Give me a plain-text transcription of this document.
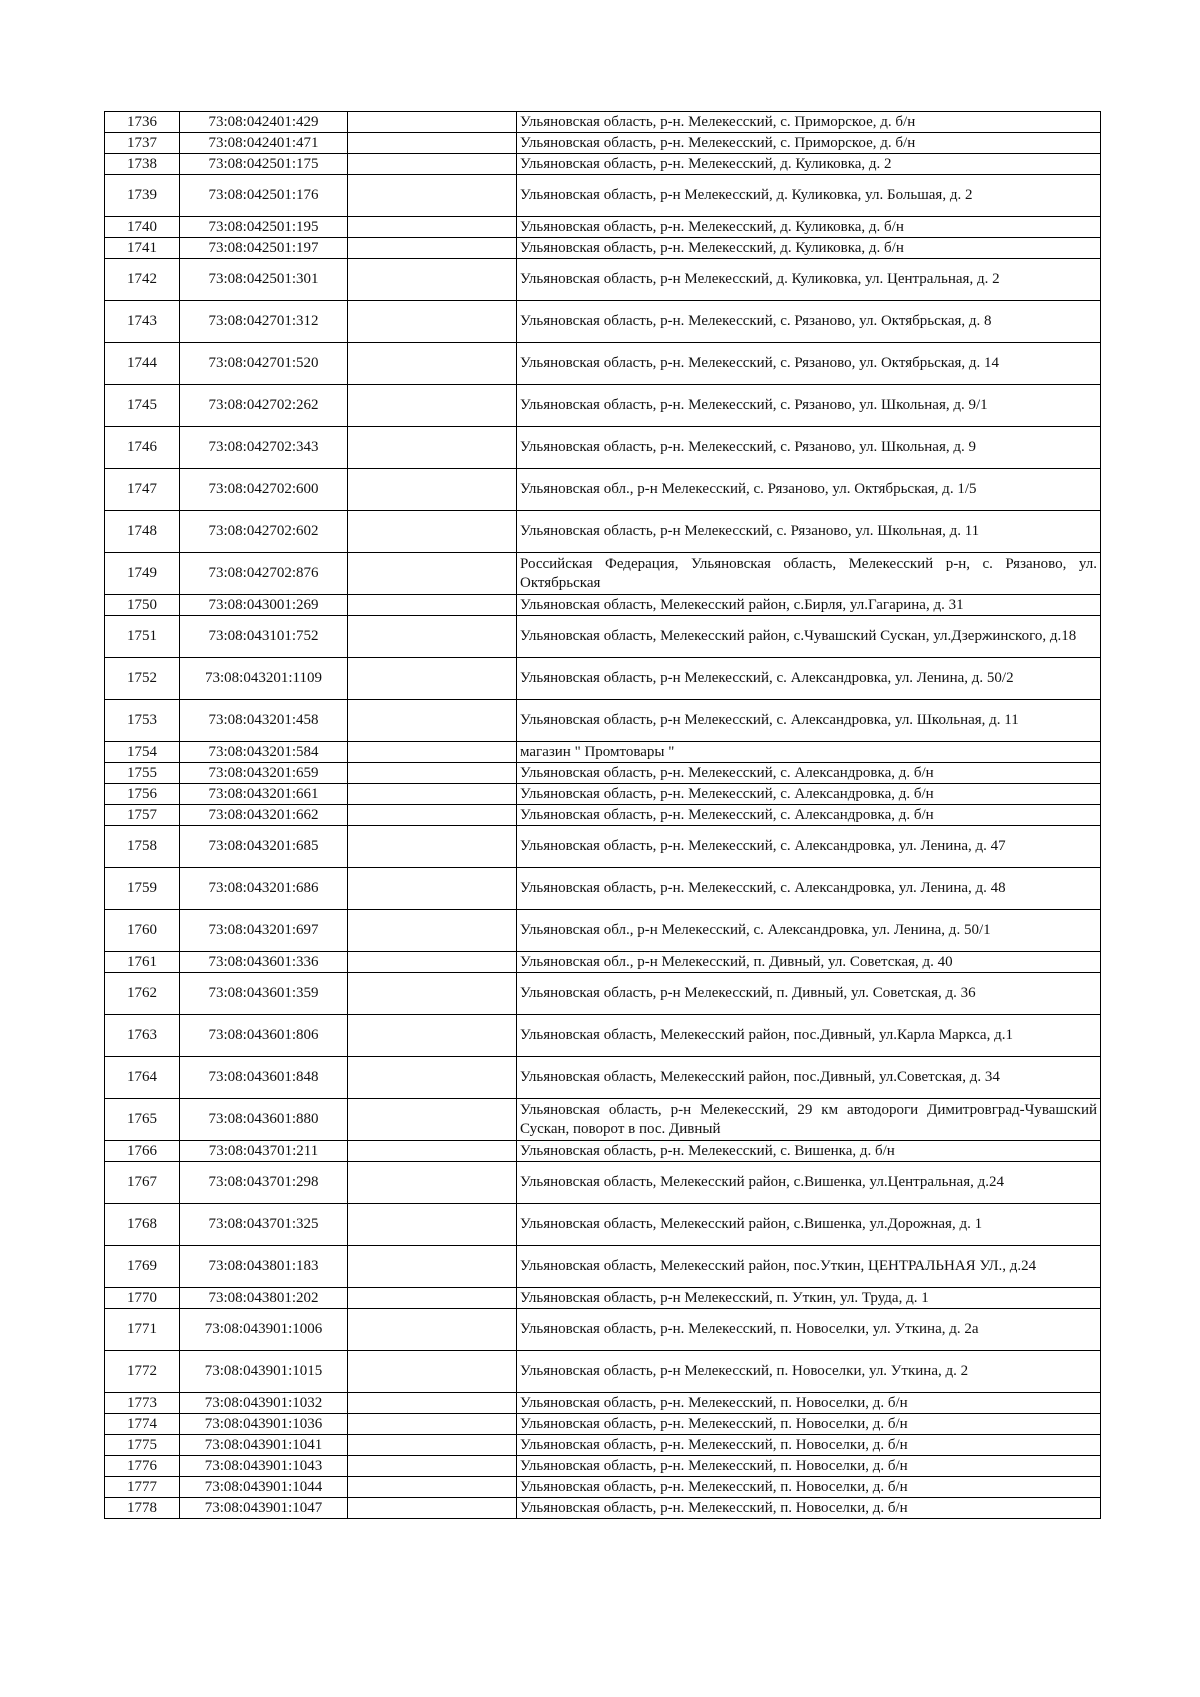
1736	73:08:042401:429		Ульяновская область, р-н. Мелекесский, с. Приморское, д. б/н
1737	73:08:042401:471		Ульяновская область, р-н. Мелекесский, с. Приморское, д. б/н
1738	73:08:042501:175		Ульяновская область, р-н. Мелекесский, д. Куликовка, д. 2
1739	73:08:042501:176		Ульяновская область, р-н Мелекесский, д. Куликовка, ул. Большая, д. 2
1740	73:08:042501:195		Ульяновская область, р-н. Мелекесский, д. Куликовка, д. б/н
1741	73:08:042501:197		Ульяновская область, р-н. Мелекесский, д. Куликовка, д. б/н
1742	73:08:042501:301		Ульяновская область, р-н Мелекесский, д. Куликовка, ул. Центральная, д. 2
1743	73:08:042701:312		Ульяновская область, р-н. Мелекесский, с. Рязаново, ул. Октябрьская, д. 8
1744	73:08:042701:520		Ульяновская область, р-н. Мелекесский, с. Рязаново, ул. Октябрьская, д. 14
1745	73:08:042702:262		Ульяновская область, р-н. Мелекесский, с. Рязаново, ул. Школьная, д. 9/1
1746	73:08:042702:343		Ульяновская область, р-н. Мелекесский, с. Рязаново, ул. Школьная, д. 9
1747	73:08:042702:600		Ульяновская обл., р-н Мелекесский, с. Рязаново, ул. Октябрьская, д. 1/5
1748	73:08:042702:602		Ульяновская область, р-н Мелекесский, с. Рязаново, ул. Школьная, д. 11
1749	73:08:042702:876		Российская Федерация, Ульяновская область, Мелекесский р-н, с. Рязаново, ул. Октябрьская
1750	73:08:043001:269		Ульяновская область, Мелекесский район, с.Бирля, ул.Гагарина, д. 31
1751	73:08:043101:752		Ульяновская область, Мелекесский район, с.Чувашский Сускан, ул.Дзержинского, д.18
1752	73:08:043201:1109		Ульяновская область, р-н Мелекесский, с. Александровка, ул. Ленина, д. 50/2
1753	73:08:043201:458		Ульяновская область, р-н Мелекесский, с. Александровка, ул. Школьная, д. 11
1754	73:08:043201:584		магазин " Промтовары "
1755	73:08:043201:659		Ульяновская область, р-н. Мелекесский, с. Александровка, д. б/н
1756	73:08:043201:661		Ульяновская область, р-н. Мелекесский, с. Александровка, д. б/н
1757	73:08:043201:662		Ульяновская область, р-н. Мелекесский, с. Александровка, д. б/н
1758	73:08:043201:685		Ульяновская область, р-н. Мелекесский, с. Александровка, ул. Ленина, д. 47
1759	73:08:043201:686		Ульяновская область, р-н. Мелекесский, с. Александровка, ул. Ленина, д. 48
1760	73:08:043201:697		Ульяновская обл., р-н Мелекесский, с. Александровка, ул. Ленина, д. 50/1
1761	73:08:043601:336		Ульяновская обл., р-н Мелекесский, п. Дивный, ул. Советская, д. 40
1762	73:08:043601:359		Ульяновская область, р-н Мелекесский, п. Дивный, ул. Советская, д. 36
1763	73:08:043601:806		Ульяновская область, Мелекесский район, пос.Дивный, ул.Карла Маркса, д.1
1764	73:08:043601:848		Ульяновская область, Мелекесский район, пос.Дивный, ул.Советская, д. 34
1765	73:08:043601:880		Ульяновская область, р-н Мелекесский, 29 км автодороги Димитровград-Чувашский Сускан, поворот в пос. Дивный
1766	73:08:043701:211		Ульяновская область, р-н. Мелекесский, с. Вишенка, д. б/н
1767	73:08:043701:298		Ульяновская область, Мелекесский район, с.Вишенка, ул.Центральная, д.24
1768	73:08:043701:325		Ульяновская область, Мелекесский район, с.Вишенка, ул.Дорожная, д. 1
1769	73:08:043801:183		Ульяновская область, Мелекесский район, пос.Уткин, ЦЕНТРАЛЬНАЯ УЛ., д.24
1770	73:08:043801:202		Ульяновская область, р-н Мелекесский, п. Уткин, ул. Труда, д. 1
1771	73:08:043901:1006		Ульяновская область, р-н. Мелекесский, п. Новоселки, ул. Уткина, д. 2а
1772	73:08:043901:1015		Ульяновская область, р-н Мелекесский, п. Новоселки, ул. Уткина, д. 2
1773	73:08:043901:1032		Ульяновская область, р-н. Мелекесский, п. Новоселки, д. б/н
1774	73:08:043901:1036		Ульяновская область, р-н. Мелекесский, п. Новоселки, д. б/н
1775	73:08:043901:1041		Ульяновская область, р-н. Мелекесский, п. Новоселки, д. б/н
1776	73:08:043901:1043		Ульяновская область, р-н. Мелекесский, п. Новоселки, д. б/н
1777	73:08:043901:1044		Ульяновская область, р-н. Мелекесский, п. Новоселки, д. б/н
1778	73:08:043901:1047		Ульяновская область, р-н. Мелекесский, п. Новоселки, д. б/н
